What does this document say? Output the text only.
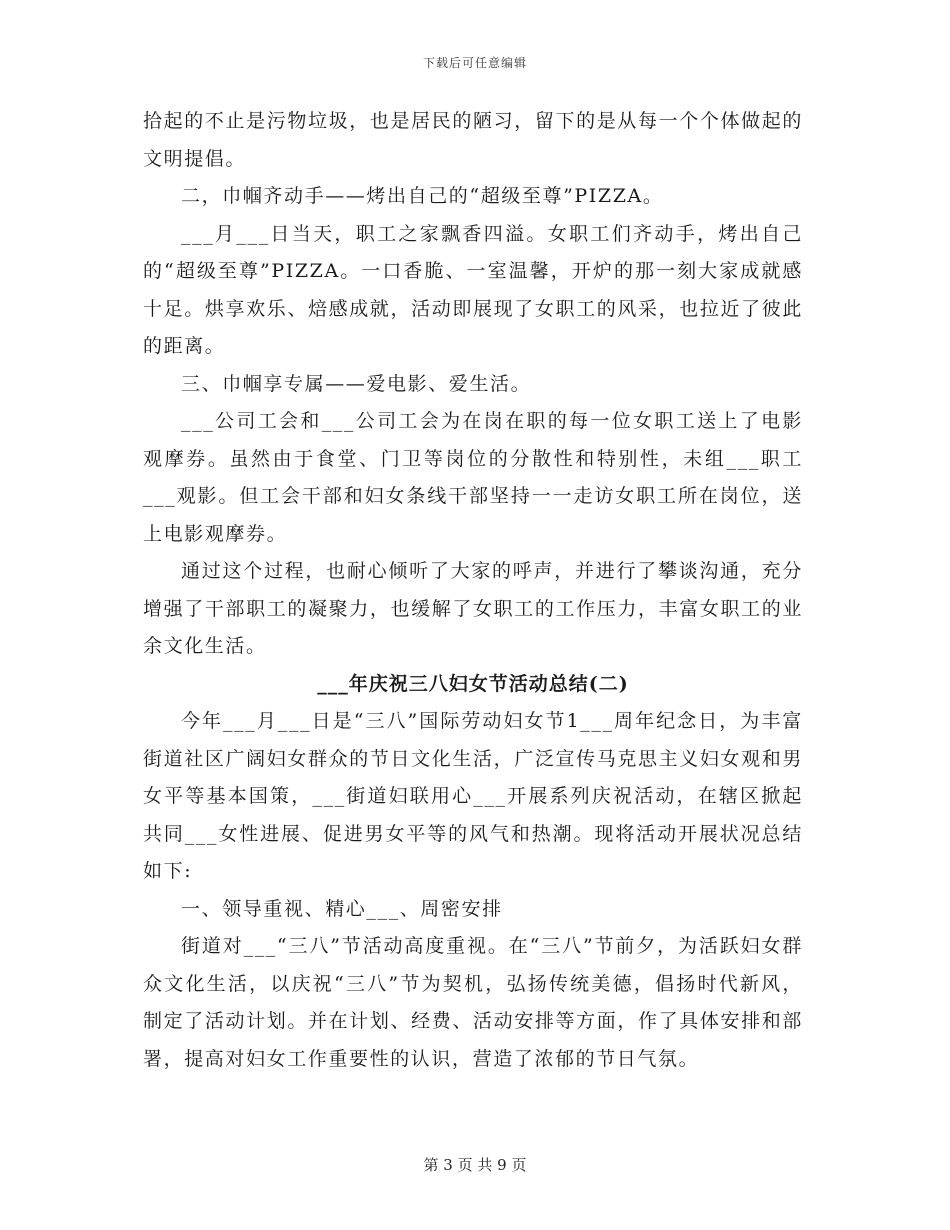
下载后可任意编辑

拾起的不止是污物垃圾，也是居民的陋习，留下的是从每一个个体做起的文明提倡。

二，巾帼齐动手——烤出自己的“超级至尊”PIZZA。

___月___日当天，职工之家飘香四溢。女职工们齐动手，烤出自己的“超级至尊”PIZZA。一口香脆、一室温馨，开炉的那一刻大家成就感十足。烘享欢乐、焙感成就，活动即展现了女职工的风采，也拉近了彼此的距离。

三、巾帼享专属——爱电影、爱生活。

___公司工会和___公司工会为在岗在职的每一位女职工送上了电影观摩券。虽然由于食堂、门卫等岗位的分散性和特别性，未组___职工___观影。但工会干部和妇女条线干部坚持一一走访女职工所在岗位，送上电影观摩券。

通过这个过程，也耐心倾听了大家的呼声，并进行了攀谈沟通，充分增强了干部职工的凝聚力，也缓解了女职工的工作压力，丰富女职工的业余文化生活。

___年庆祝三八妇女节活动总结(二)

今年___月___日是“三八”国际劳动妇女节1___周年纪念日，为丰富街道社区广阔妇女群众的节日文化生活，广泛宣传马克思主义妇女观和男女平等基本国策，___街道妇联用心___开展系列庆祝活动，在辖区掀起共同___女性进展、促进男女平等的风气和热潮。现将活动开展状况总结如下:

一、领导重视、精心___、周密安排

街道对___“三八”节活动高度重视。在“三八”节前夕，为活跃妇女群众文化生活，以庆祝“三八”节为契机，弘扬传统美德，倡扬时代新风，制定了活动计划。并在计划、经费、活动安排等方面，作了具体安排和部署，提高对妇女工作重要性的认识，营造了浓郁的节日气氛。

第 3 页 共 9 页
